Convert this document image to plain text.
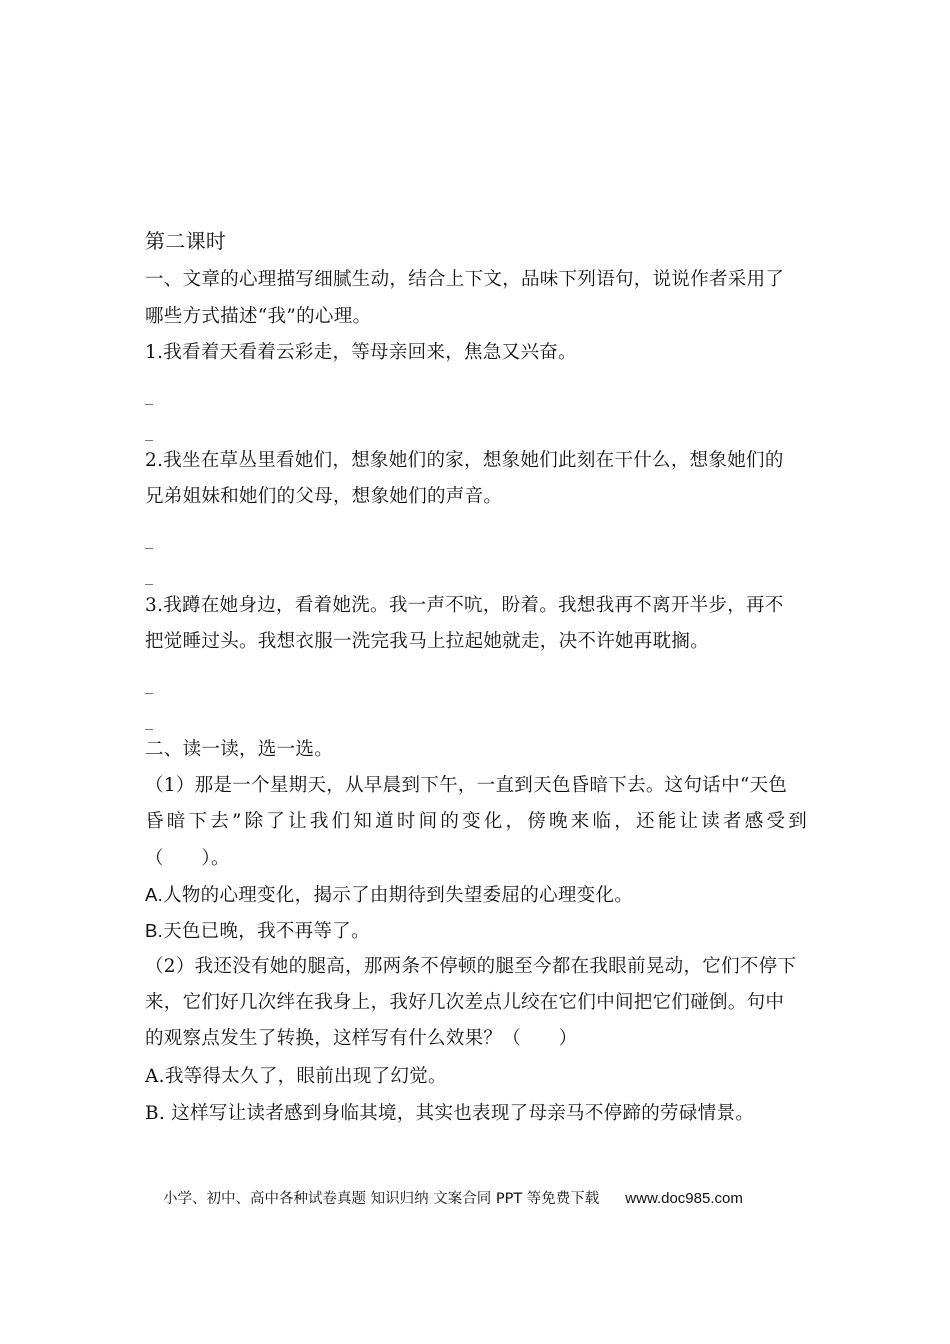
第二课时
一、文章的心理描写细腻生动，结合上下文，品味下列语句，说说作者采用了
哪些方式描述“我”的心理。
1.我看着天看着云彩走，等母亲回来，焦急又兴奋。
_
_
2.我坐在草丛里看她们，想象她们的家，想象她们此刻在干什么，想象她们的
兄弟姐妹和她们的父母，想象她们的声音。
_
_
3.我蹲在她身边，看着她洗。我一声不吭，盼着。我想我再不离开半步，再不
把觉睡过头。我想衣服一洗完我马上拉起她就走，决不许她再耽搁。
_
_
二、读一读，选一选。
（1）那是一个星期天，从早晨到下午，一直到天色昏暗下去。这句话中“天色
昏暗下去”除了让我们知道时间的变化，傍晚来临，还能让读者感受到
（　　）。
A.人物的心理变化，揭示了由期待到失望委屈的心理变化。
B.天色已晚，我不再等了。
（2）我还没有她的腿高，那两条不停顿的腿至今都在我眼前晃动，它们不停下
来，它们好几次绊在我身上，我好几次差点儿绞在它们中间把它们碰倒。句中
的观察点发生了转换，这样写有什么效果？（　　）
A.我等得太久了，眼前出现了幻觉。
B. 这样写让读者感到身临其境，其实也表现了母亲马不停蹄的劳碌情景。
小学、初中、高中各种试卷真题 知识归纳 文案合同 PPT 等免费下载 www.doc985.com
